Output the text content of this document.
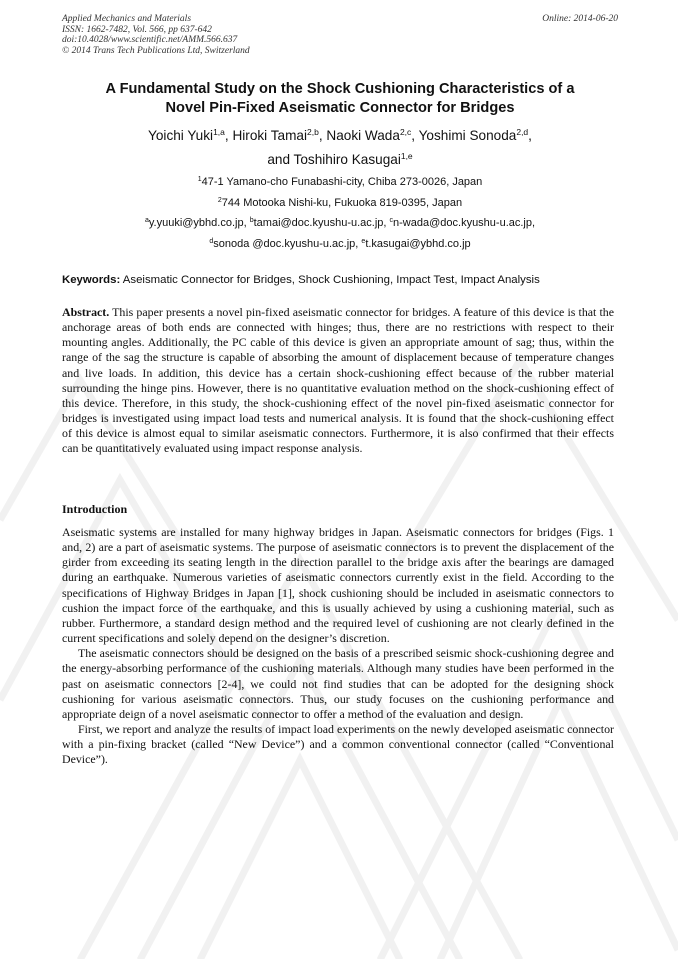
Applied Mechanics and Materials
ISSN: 1662-7482, Vol. 566, pp 637-642
doi:10.4028/www.scientific.net/AMM.566.637
© 2014 Trans Tech Publications Ltd, Switzerland
Online: 2014-06-20
A Fundamental Study on the Shock Cushioning Characteristics of a
Novel Pin-Fixed Aseismatic Connector for Bridges
Yoichi Yuki$^{1,a}$, Hiroki Tamai$^{2,b}$, Naoki Wada$^{2,c}$, Yoshimi Sonoda$^{2,d}$,
and Toshihiro Kasugai$^{1,e}$
$^1$47-1 Yamano-cho Funabashi-city, Chiba 273-0026, Japan
$^2$744 Motooka Nishi-ku, Fukuoka 819-0395, Japan
$^a$y.yuuki@ybhd.co.jp, $^b$tamai@doc.kyushu-u.ac.jp, $^c$n-wada@doc.kyushu-u.ac.jp,
$^d$sonoda @doc.kyushu-u.ac.jp, $^e$t.kasugai@ybhd.co.jp
Keywords: Aseismatic Connector for Bridges, Shock Cushioning, Impact Test, Impact Analysis
Abstract. This paper presents a novel pin-fixed aseismatic connector for bridges. A feature of this device is that the anchorage areas of both ends are connected with hinges; thus, there are no restrictions with respect to their mounting angles. Additionally, the PC cable of this device is given an appropriate amount of sag; thus, within the range of the sag the structure is capable of absorbing the amount of displacement because of temperature changes and live loads. In addition, this device has a certain shock-cushioning effect because of the rubber material surrounding the hinge pins. However, there is no quantitative evaluation method on the shock-cushioning effect of this device. Therefore, in this study, the shock-cushioning effect of the novel pin-fixed aseismatic connector for bridges is investigated using impact load tests and numerical analysis. It is found that the shock-cushioning effect of this device is almost equal to similar aseismatic connectors. Furthermore, it is also confirmed that their effects can be quantitatively evaluated using impact response analysis.
Introduction

Aseismatic systems are installed for many highway bridges in Japan. Aseismatic connectors for bridges (Figs. 1 and, 2) are a part of aseismatic systems. The purpose of aseismatic connectors is to prevent the displacement of the girder from exceeding its seating length in the direction parallel to the bridge axis after the bearings are damaged during an earthquake. Numerous varieties of aseismatic connectors currently exist in the field. According to the specifications of Highway Bridges in Japan [1], shock cushioning should be included in aseismatic connectors to cushion the impact force of the earthquake, and this is usually achieved by using a cushioning material, such as rubber. Furthermore, a standard design method and the required level of cushioning are not clearly defined in the current specifications and solely depend on the designer’s discretion.

The aseismatic connectors should be designed on the basis of a prescribed seismic shock-cushioning degree and the energy-absorbing performance of the cushioning materials. Although many studies have been performed in the past on aseismatic connectors [2-4], we could not find studies that can be adopted for the designing shock cushioning for various aseismatic connectors. Thus, our study focuses on the cushioning performance and appropriate deign of a novel aseismatic connector to offer a method of the evaluation and design.

First, we report and analyze the results of impact load experiments on the newly developed aseismatic connector with a pin-fixing bracket (called “New Device”) and a common conventional connector (called “Conventional Device”).
